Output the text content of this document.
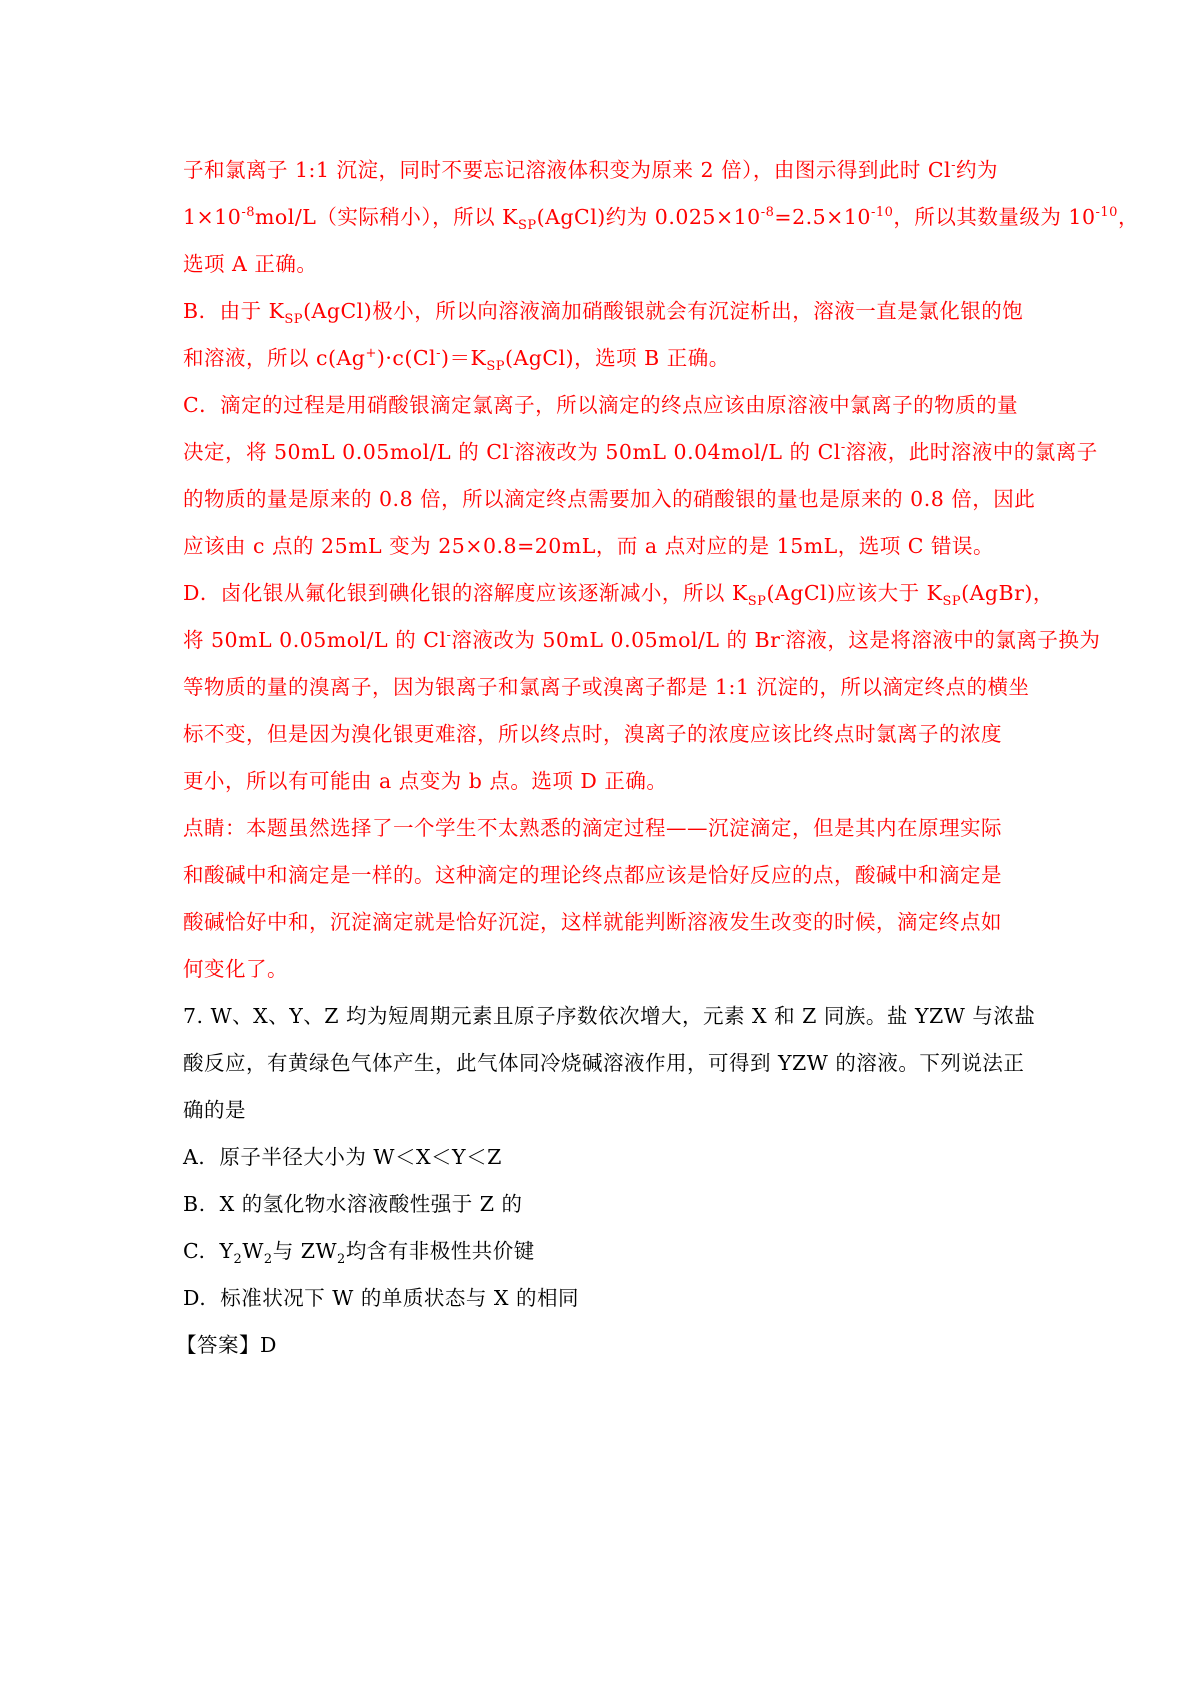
子和氯离子 1:1 沉淀，同时不要忘记溶液体积变为原来 2 倍），由图示得到此时 Cl-约为
$1\times 10^{-8}mol/L$（实际稍小），所以 $K_{SP}(AgCl)$约为 $0.025\times 10^{-8}=2.5\times 10^{-10}$，所以其数量级为 $10^{-10}$，
选项 A 正确。
B．由于 $K_{SP}(AgCl)$极小，所以向溶液滴加硝酸银就会有沉淀析出，溶液一直是氯化银的饱
和溶液，所以 $c(Ag^+)\cdot c(Cl^-)=K_{SP}(AgCl)$，选项 B 正确。
C．滴定的过程是用硝酸银滴定氯离子，所以滴定的终点应该由原溶液中氯离子的物质的量
决定，将 50mL 0.05mol/L 的 Cl-溶液改为 50mL 0.04mol/L 的 Cl-溶液，此时溶液中的氯离子
的物质的量是原来的 0.8 倍，所以滴定终点需要加入的硝酸银的量也是原来的 0.8 倍，因此
应该由 c 点的 25mL 变为 25×0.8=20mL，而 a 点对应的是 15mL，选项 C 错误。
D．卤化银从氟化银到碘化银的溶解度应该逐渐减小，所以 $K_{SP}(AgCl)$应该大于 $K_{SP}(AgBr)$，
将 50mL 0.05mol/L 的 Cl-溶液改为 50mL 0.05mol/L 的 Br-溶液，这是将溶液中的氯离子换为
等物质的量的溴离子，因为银离子和氯离子或溴离子都是 1:1 沉淀的，所以滴定终点的横坐
标不变，但是因为溴化银更难溶，所以终点时，溴离子的浓度应该比终点时氯离子的浓度
更小，所以有可能由 a 点变为 b 点。选项 D 正确。
点睛：本题虽然选择了一个学生不太熟悉的滴定过程——沉淀滴定，但是其内在原理实际
和酸碱中和滴定是一样的。这种滴定的理论终点都应该是恰好反应的点，酸碱中和滴定是
酸碱恰好中和，沉淀滴定就是恰好沉淀，这样就能判断溶液发生改变的时候，滴定终点如
何变化了。
7. W、X、Y、Z 均为短周期元素且原子序数依次增大，元素 X 和 Z 同族。盐 YZW 与浓盐
酸反应，有黄绿色气体产生，此气体同冷烧碱溶液作用，可得到 YZW 的溶液。下列说法正
确的是
A.  原子半径大小为 W＜X＜Y＜Z
B.  X 的氢化物水溶液酸性强于 Z 的
C.  $Y_2W_2$与 $ZW_2$均含有非极性共价键
D.  标准状况下 W 的单质状态与 X 的相同
【答案】D
